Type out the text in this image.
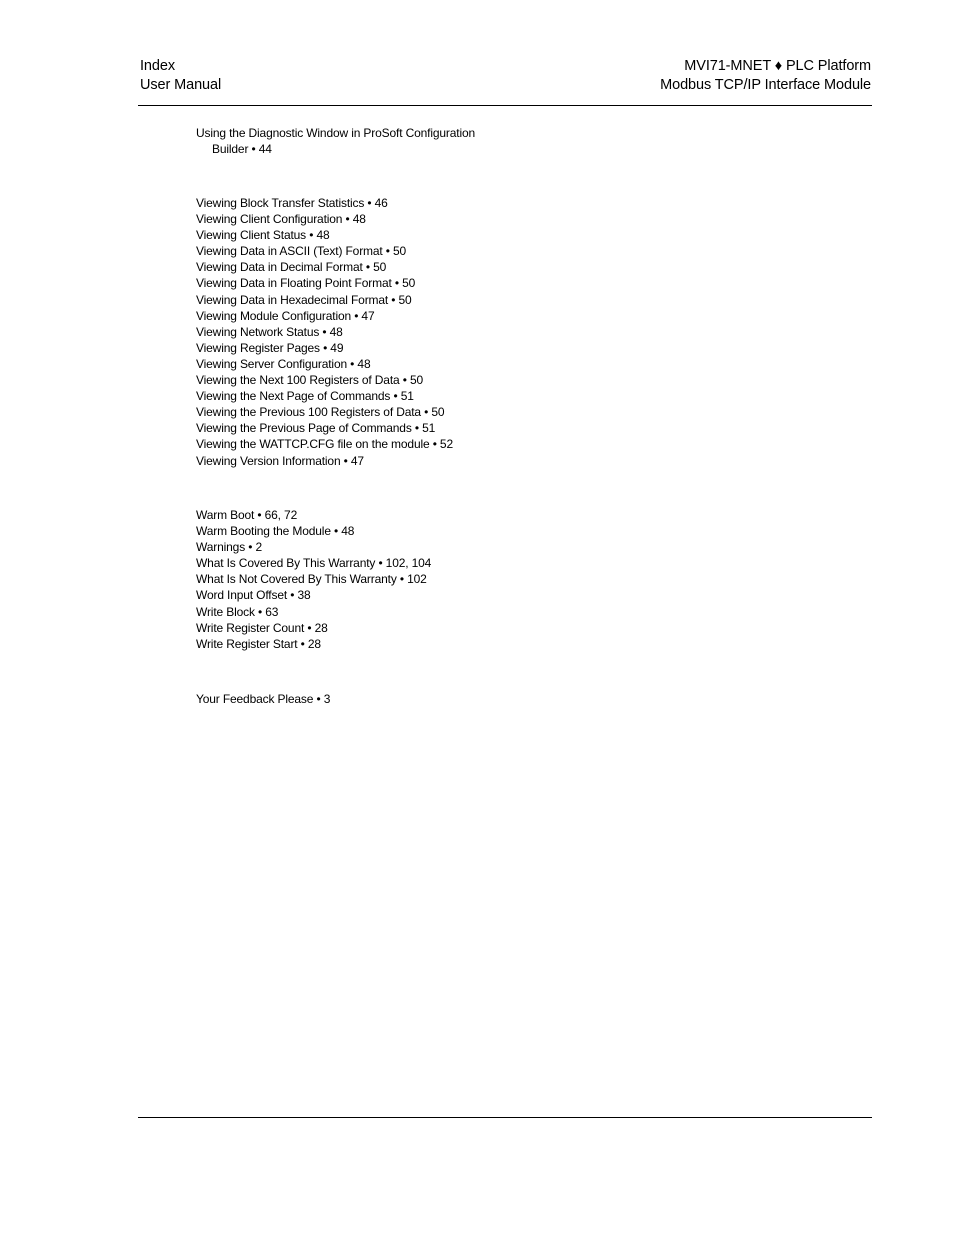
Index
User Manual
MVI71-MNET ♦ PLC Platform
Modbus TCP/IP Interface Module
Using the Diagnostic Window in ProSoft Configuration
Builder • 44
Viewing Block Transfer Statistics • 46
Viewing Client Configuration • 48
Viewing Client Status • 48
Viewing Data in ASCII (Text) Format • 50
Viewing Data in Decimal Format • 50
Viewing Data in Floating Point Format • 50
Viewing Data in Hexadecimal Format • 50
Viewing Module Configuration • 47
Viewing Network Status • 48
Viewing Register Pages • 49
Viewing Server Configuration • 48
Viewing the Next 100 Registers of Data • 50
Viewing the Next Page of Commands • 51
Viewing the Previous 100 Registers of Data • 50
Viewing the Previous Page of Commands • 51
Viewing the WATTCP.CFG file on the module • 52
Viewing Version Information • 47
Warm Boot • 66, 72
Warm Booting the Module • 48
Warnings • 2
What Is Covered By This Warranty • 102, 104
What Is Not Covered By This Warranty • 102
Word Input Offset • 38
Write Block • 63
Write Register Count • 28
Write Register Start • 28
Your Feedback Please • 3
